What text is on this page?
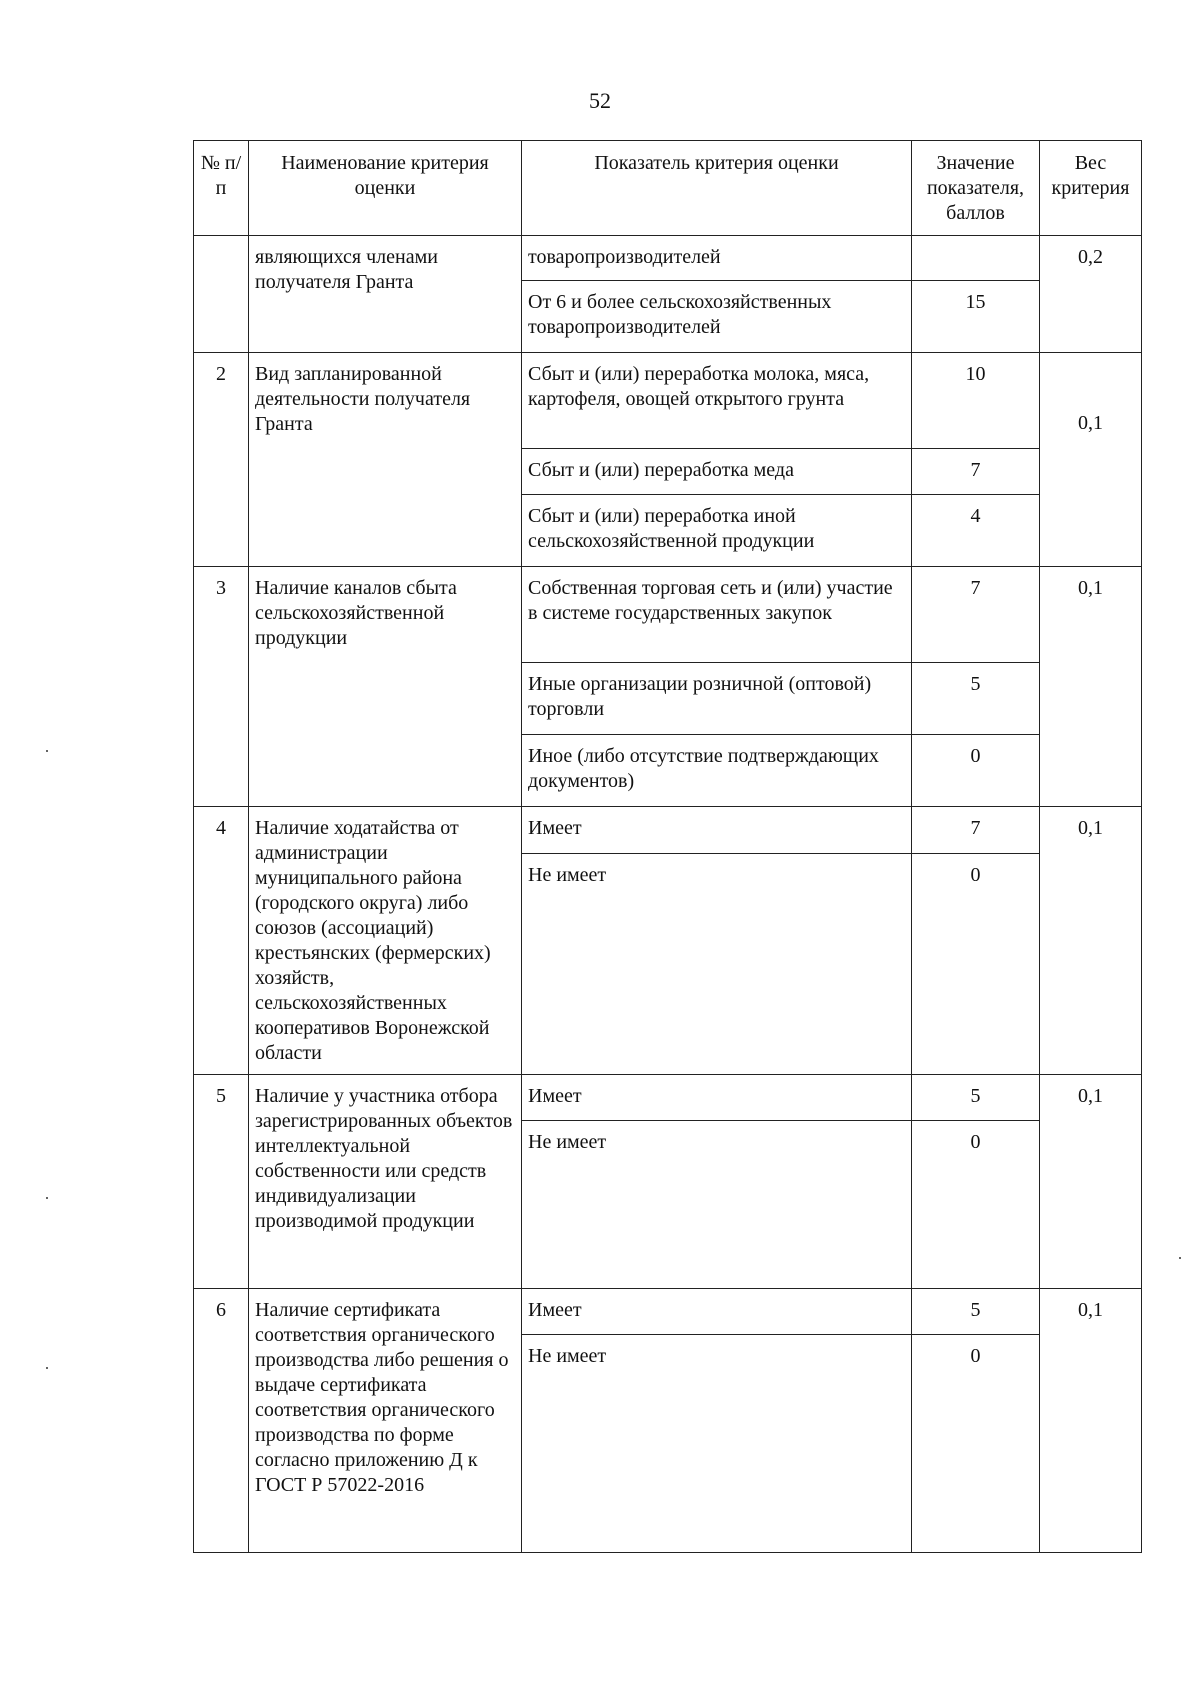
52
№ п/п	Наименование критерия оценки	Показатель критерия оценки	Значение показателя, баллов	Вес критерия
	являющихся членами получателя Гранта	товаропроизводителей		0,2
		От 6 и более сельскохозяйственных товаропроизводителей	15	
2	Вид запланированной деятельности получателя Гранта	Сбыт и (или) переработка молока, мяса, картофеля, овощей открытого грунта	10	0,1
		Сбыт и (или) переработка меда	7	
		Сбыт и (или) переработка иной сельскохозяйственной продукции	4	
3	Наличие каналов сбыта сельскохозяйственной продукции	Собственная торговая сеть и (или) участие в системе государственных закупок	7	0,1
		Иные организации розничной (оптовой) торговли	5	
		Иное (либо отсутствие подтверждающих документов)	0	
4	Наличие ходатайства от администрации муниципального района (городского округа) либо союзов (ассоциаций) крестьянских (фермерских) хозяйств, сельскохозяйственных кооперативов Воронежской области	Имеет	7	0,1
		Не имеет	0	
5	Наличие у участника отбора зарегистрированных объектов интеллектуальной собственности или средств индивидуализации производимой продукции	Имеет	5	0,1
		Не имеет	0	
6	Наличие сертификата соответствия органического производства либо решения о выдаче сертификата соответствия органического производства по форме согласно приложению Д к ГОСТ Р 57022-2016	Имеет	5	0,1
		Не имеет	0	
